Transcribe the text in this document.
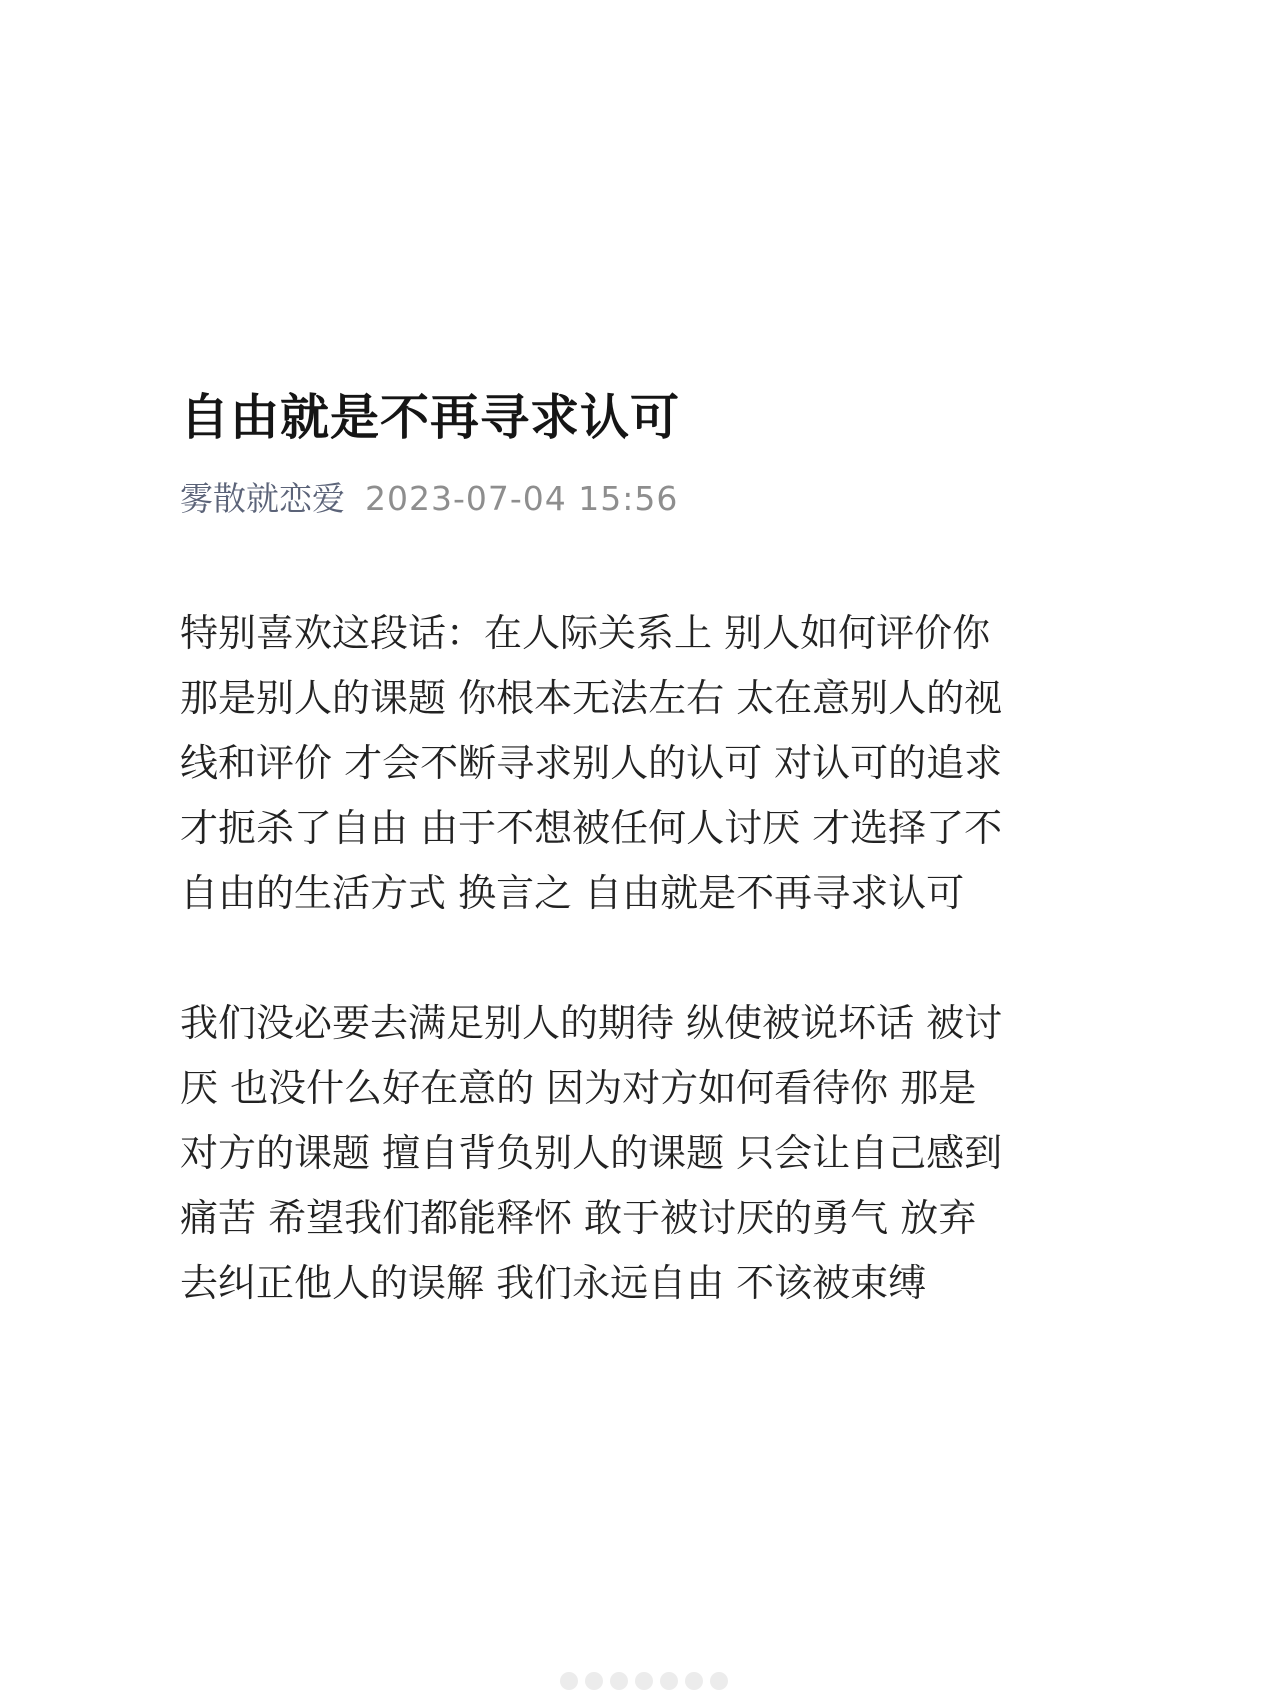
自由就是不再寻求认可
雾散就恋爱 2023-07-04 15:56

特别喜欢这段话：在人际关系上 别人如何评价你
那是别人的课题 你根本无法左右 太在意别人的视
线和评价 才会不断寻求别人的认可 对认可的追求
才扼杀了自由 由于不想被任何人讨厌 才选择了不
自由的生活方式 换言之 自由就是不再寻求认可

我们没必要去满足别人的期待 纵使被说坏话 被讨
厌 也没什么好在意的 因为对方如何看待你 那是
对方的课题 擅自背负别人的课题 只会让自己感到
痛苦 希望我们都能释怀 敢于被讨厌的勇气 放弃
去纠正他人的误解 我们永远自由 不该被束缚
